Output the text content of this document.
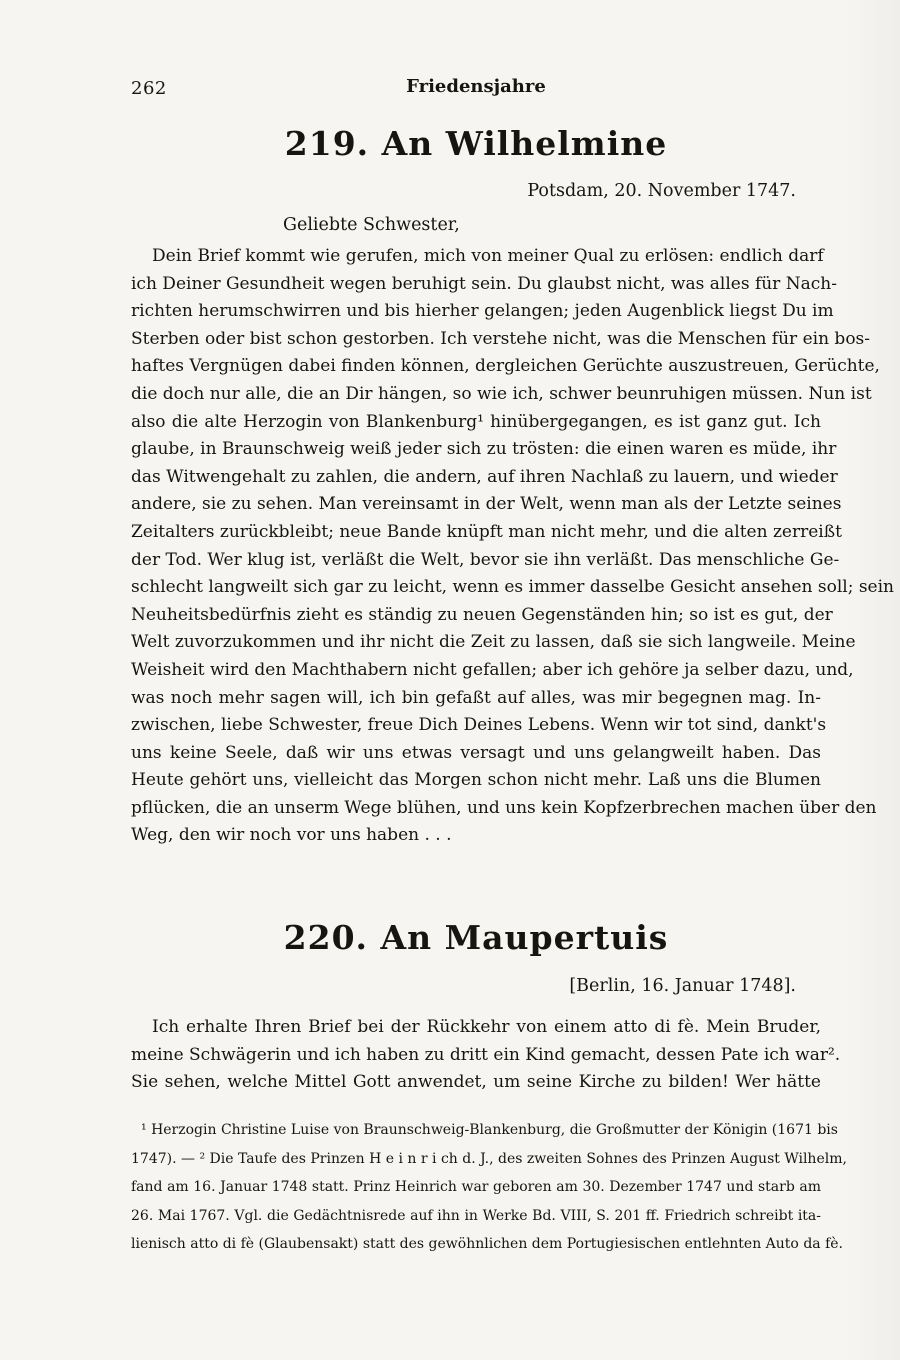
262	Friedensjahre
219. An Wilhelmine
Potsdam, 20. November 1747.
Geliebte Schwester,
Dein Brief kommt wie gerufen, mich von meiner Qual zu erlösen: endlich darf
ich Deiner Gesundheit wegen beruhigt sein. Du glaubst nicht, was alles für Nach-
richten herumschwirren und bis hierher gelangen; jeden Augenblick liegst Du im
Sterben oder bist schon gestorben. Ich verstehe nicht, was die Menschen für ein bos-
haftes Vergnügen dabei finden können, dergleichen Gerüchte auszustreuen, Gerüchte,
die doch nur alle, die an Dir hängen, so wie ich, schwer beunruhigen müssen. Nun ist
also die alte Herzogin von Blankenburg¹ hinübergegangen, es ist ganz gut. Ich
glaube, in Braunschweig weiß jeder sich zu trösten: die einen waren es müde, ihr
das Witwengehalt zu zahlen, die andern, auf ihren Nachlaß zu lauern, und wieder
andere, sie zu sehen. Man vereinsamt in der Welt, wenn man als der Letzte seines
Zeitalters zurückbleibt; neue Bande knüpft man nicht mehr, und die alten zerreißt
der Tod. Wer klug ist, verläßt die Welt, bevor sie ihn verläßt. Das menschliche Ge-
schlecht langweilt sich gar zu leicht, wenn es immer dasselbe Gesicht ansehen soll; sein
Neuheitsbedürfnis zieht es ständig zu neuen Gegenständen hin; so ist es gut, der
Welt zuvorzukommen und ihr nicht die Zeit zu lassen, daß sie sich langweile. Meine
Weisheit wird den Machthabern nicht gefallen; aber ich gehöre ja selber dazu, und,
was noch mehr sagen will, ich bin gefaßt auf alles, was mir begegnen mag. In-
zwischen, liebe Schwester, freue Dich Deines Lebens. Wenn wir tot sind, dankt's
uns keine Seele, daß wir uns etwas versagt und uns gelangweilt haben. Das
Heute gehört uns, vielleicht das Morgen schon nicht mehr. Laß uns die Blumen
pflücken, die an unserm Wege blühen, und uns kein Kopfzerbrechen machen über den
Weg, den wir noch vor uns haben . . .
220. An Maupertuis
[Berlin, 16. Januar 1748].
Ich erhalte Ihren Brief bei der Rückkehr von einem atto di fè. Mein Bruder,
meine Schwägerin und ich haben zu dritt ein Kind gemacht, dessen Pate ich war².
Sie sehen, welche Mittel Gott anwendet, um seine Kirche zu bilden! Wer hätte
¹ Herzogin Christine Luise von Braunschweig-Blankenburg, die Großmutter der Königin (1671 bis
1747). — ² Die Taufe des Prinzen H e i n r i ch d. J., des zweiten Sohnes des Prinzen August Wilhelm,
fand am 16. Januar 1748 statt. Prinz Heinrich war geboren am 30. Dezember 1747 und starb am
26. Mai 1767. Vgl. die Gedächtnisrede auf ihn in Werke Bd. VIII, S. 201 ff. Friedrich schreibt ita-
lienisch atto di fè (Glaubensakt) statt des gewöhnlichen dem Portugiesischen entlehnten Auto da fè.
